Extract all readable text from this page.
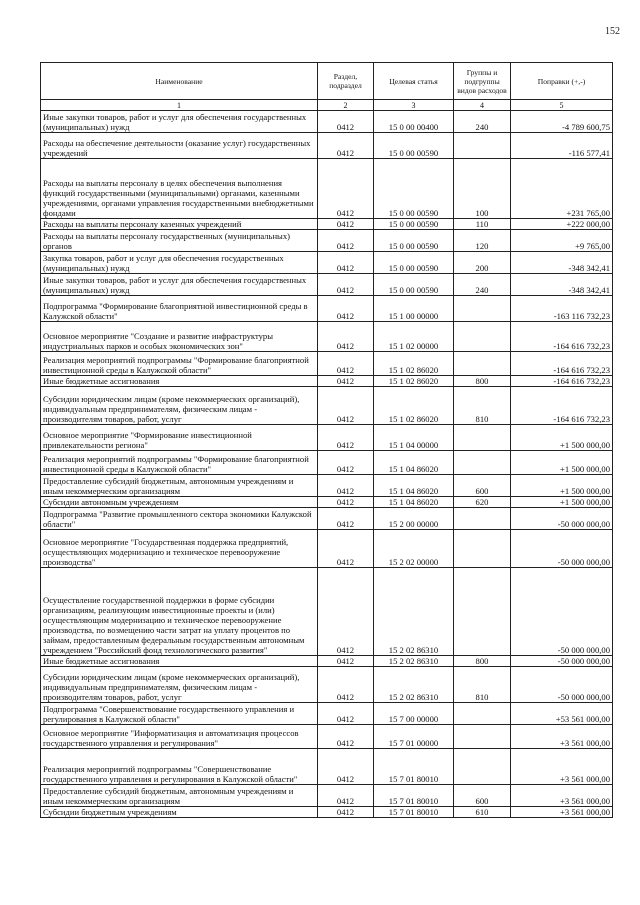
152
Наименование	Раздел, подраздел	Целевая статья	Группы и подгруппы видов расходов	Поправки (+,-)
1	2	3	4	5
Иные закупки товаров, работ и услуг для обеспечения государственных (муниципальных) нужд	0412	15 0 00 00400	240	-4 789 600,75
Расходы на обеспечение деятельности (оказание услуг) государственных учреждений	0412	15 0 00 00590		-116 577,41
Расходы на выплаты персоналу в целях обеспечения выполнения функций государственными (муниципальными) органами, казенными учреждениями, органами управления государственными внебюджетными фондами	0412	15 0 00 00590	100	+231 765,00
Расходы на выплаты персоналу казенных учреждений	0412	15 0 00 00590	110	+222 000,00
Расходы на выплаты персоналу государственных (муниципальных) органов	0412	15 0 00 00590	120	+9 765,00
Закупка товаров, работ и услуг для обеспечения государственных (муниципальных) нужд	0412	15 0 00 00590	200	-348 342,41
Иные закупки товаров, работ и услуг для обеспечения государственных (муниципальных) нужд	0412	15 0 00 00590	240	-348 342,41
Подпрограмма "Формирование благоприятной инвестиционной среды в Калужской области"	0412	15 1 00 00000		-163 116 732,23
Основное мероприятие "Создание и развитие инфраструктуры индустриальных парков и особых экономических зон"	0412	15 1 02 00000		-164 616 732,23
Реализация мероприятий подпрограммы "Формирование благоприятной инвестиционной среды в Калужской области"	0412	15 1 02 86020		-164 616 732,23
Иные бюджетные ассигнования	0412	15 1 02 86020	800	-164 616 732,23
Субсидии юридическим лицам (кроме некоммерческих организаций), индивидуальным предпринимателям, физическим лицам - производителям товаров, работ, услуг	0412	15 1 02 86020	810	-164 616 732,23
Основное мероприятие "Формирование инвестиционной привлекательности региона"	0412	15 1 04 00000		+1 500 000,00
Реализация мероприятий подпрограммы "Формирование благоприятной инвестиционной среды в Калужской области"	0412	15 1 04 86020		+1 500 000,00
Предоставление субсидий бюджетным, автономным учреждениям и иным некоммерческим организациям	0412	15 1 04 86020	600	+1 500 000,00
Субсидии автономным учреждениям	0412	15 1 04 86020	620	+1 500 000,00
Подпрограмма "Развитие промышленного сектора экономики Калужской области"	0412	15 2 00 00000		-50 000 000,00
Основное мероприятие "Государственная поддержка предприятий, осуществляющих модернизацию и техническое перевооружение производства"	0412	15 2 02 00000		-50 000 000,00
Осуществление государственной поддержки в форме субсидии организациям, реализующим инвестиционные проекты и (или) осуществляющим модернизацию и техническое перевооружение производства, по возмещению части затрат на уплату процентов по займам, предоставленным федеральным государственным автономным учреждением "Российский фонд технологического развития"	0412	15 2 02 86310		-50 000 000,00
Иные бюджетные ассигнования	0412	15 2 02 86310	800	-50 000 000,00
Субсидии юридическим лицам (кроме некоммерческих организаций), индивидуальным предпринимателям, физическим лицам - производителям товаров, работ, услуг	0412	15 2 02 86310	810	-50 000 000,00
Подпрограмма "Совершенствование государственного управления и регулирования в Калужской области"	0412	15 7 00 00000		+53 561 000,00
Основное мероприятие "Информатизация и автоматизация процессов государственного управления и регулирования"	0412	15 7 01 00000		+3 561 000,00
Реализация мероприятий подпрограммы "Совершенствование государственного управления и регулирования в Калужской области"	0412	15 7 01 80010		+3 561 000,00
Предоставление субсидий бюджетным, автономным учреждениям и иным некоммерческим организациям	0412	15 7 01 80010	600	+3 561 000,00
Субсидии бюджетным учреждениям	0412	15 7 01 80010	610	+3 561 000,00
